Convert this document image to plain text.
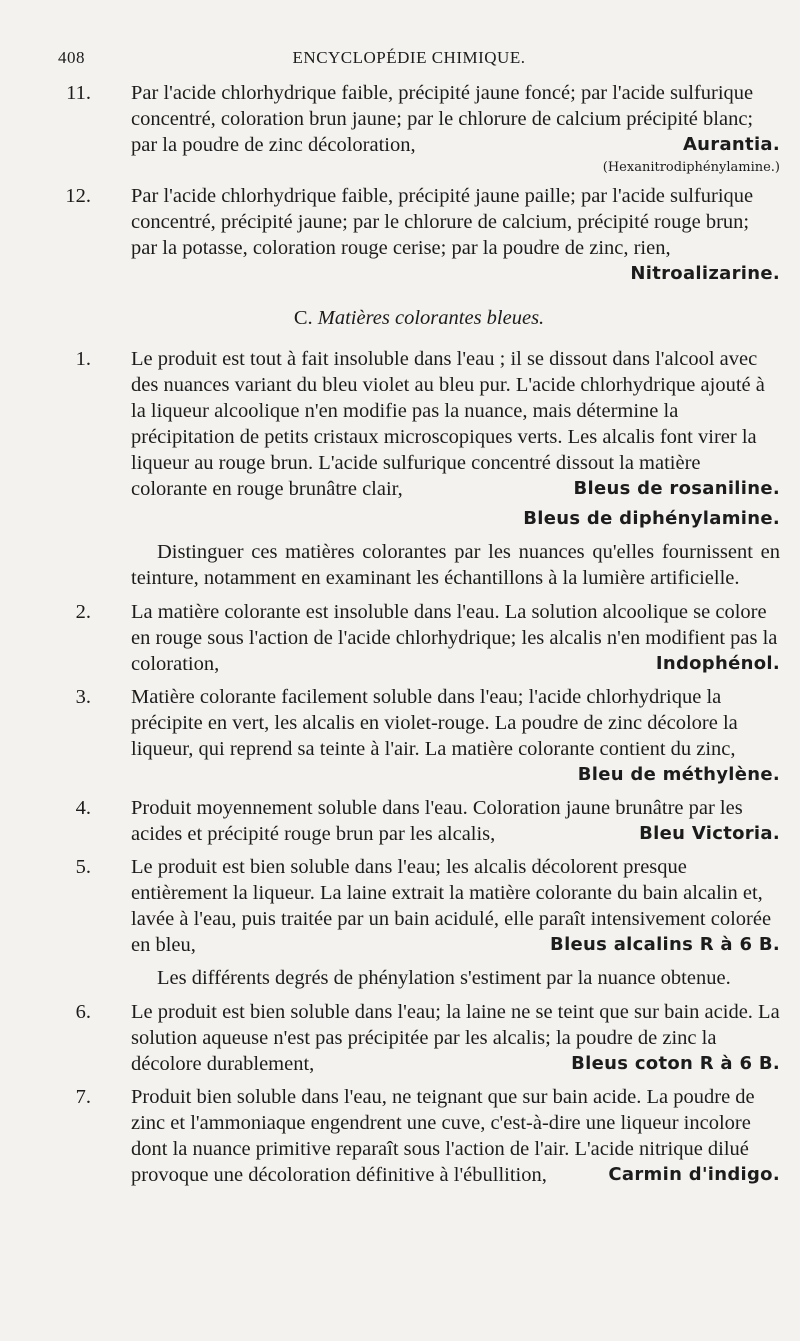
408	ENCYCLOPÉDIE CHIMIQUE.
11. Par l'acide chlorhydrique faible, précipité jaune foncé; par l'acide sulfurique concentré, coloration brun jaune; par le chlorure de calcium précipité blanc; par la poudre de zinc décoloration,	Aurantia.
(Hexanitrodiphénylamine.)
12. Par l'acide chlorhydrique faible, précipité jaune paille; par l'acide sulfurique concentré, précipité jaune; par le chlorure de calcium, précipité rouge brun; par la potasse, coloration rouge cerise; par la poudre de zinc, rien,
Nitroalizarine.
C. Matières colorantes bleues.
1. Le produit est tout à fait insoluble dans l'eau ; il se dissout dans l'alcool avec des nuances variant du bleu violet au bleu pur. L'acide chlorhydrique ajouté à la liqueur alcoolique n'en modifie pas la nuance, mais détermine la précipitation de petits cristaux microscopiques verts. Les alcalis font virer la liqueur au rouge brun. L'acide sulfurique concentré dissout la matière colorante en rouge brunâtre clair,	Bleus de rosaniline.
Bleus de diphénylamine.
Distinguer ces matières colorantes par les nuances qu'elles fournissent en teinture, notamment en examinant les échantillons à la lumière artificielle.
2. La matière colorante est insoluble dans l'eau. La solution alcoolique se colore en rouge sous l'action de l'acide chlorhydrique; les alcalis n'en modifient pas la coloration,	Indophénol.
3. Matière colorante facilement soluble dans l'eau; l'acide chlorhydrique la précipite en vert, les alcalis en violet-rouge. La poudre de zinc décolore la liqueur, qui reprend sa teinte à l'air. La matière colorante contient du zinc,
Bleu de méthylène.
4. Produit moyennement soluble dans l'eau. Coloration jaune brunâtre par les acides et précipité rouge brun par les alcalis,	Bleu Victoria.
5. Le produit est bien soluble dans l'eau; les alcalis décolorent presque entièrement la liqueur. La laine extrait la matière colorante du bain alcalin et, lavée à l'eau, puis traitée par un bain acidulé, elle paraît intensivement colorée en bleu,	Bleus alcalins R à 6 B.
Les différents degrés de phénylation s'estiment par la nuance obtenue.
6. Le produit est bien soluble dans l'eau; la laine ne se teint que sur bain acide. La solution aqueuse n'est pas précipitée par les alcalis; la poudre de zinc la décolore durablement,	Bleus coton R à 6 B.
7. Produit bien soluble dans l'eau, ne teignant que sur bain acide. La poudre de zinc et l'ammoniaque engendrent une cuve, c'est-à-dire une liqueur incolore dont la nuance primitive reparaît sous l'action de l'air. L'acide nitrique dilué provoque une décoloration définitive à l'ébullition,	Carmin d'indigo.
